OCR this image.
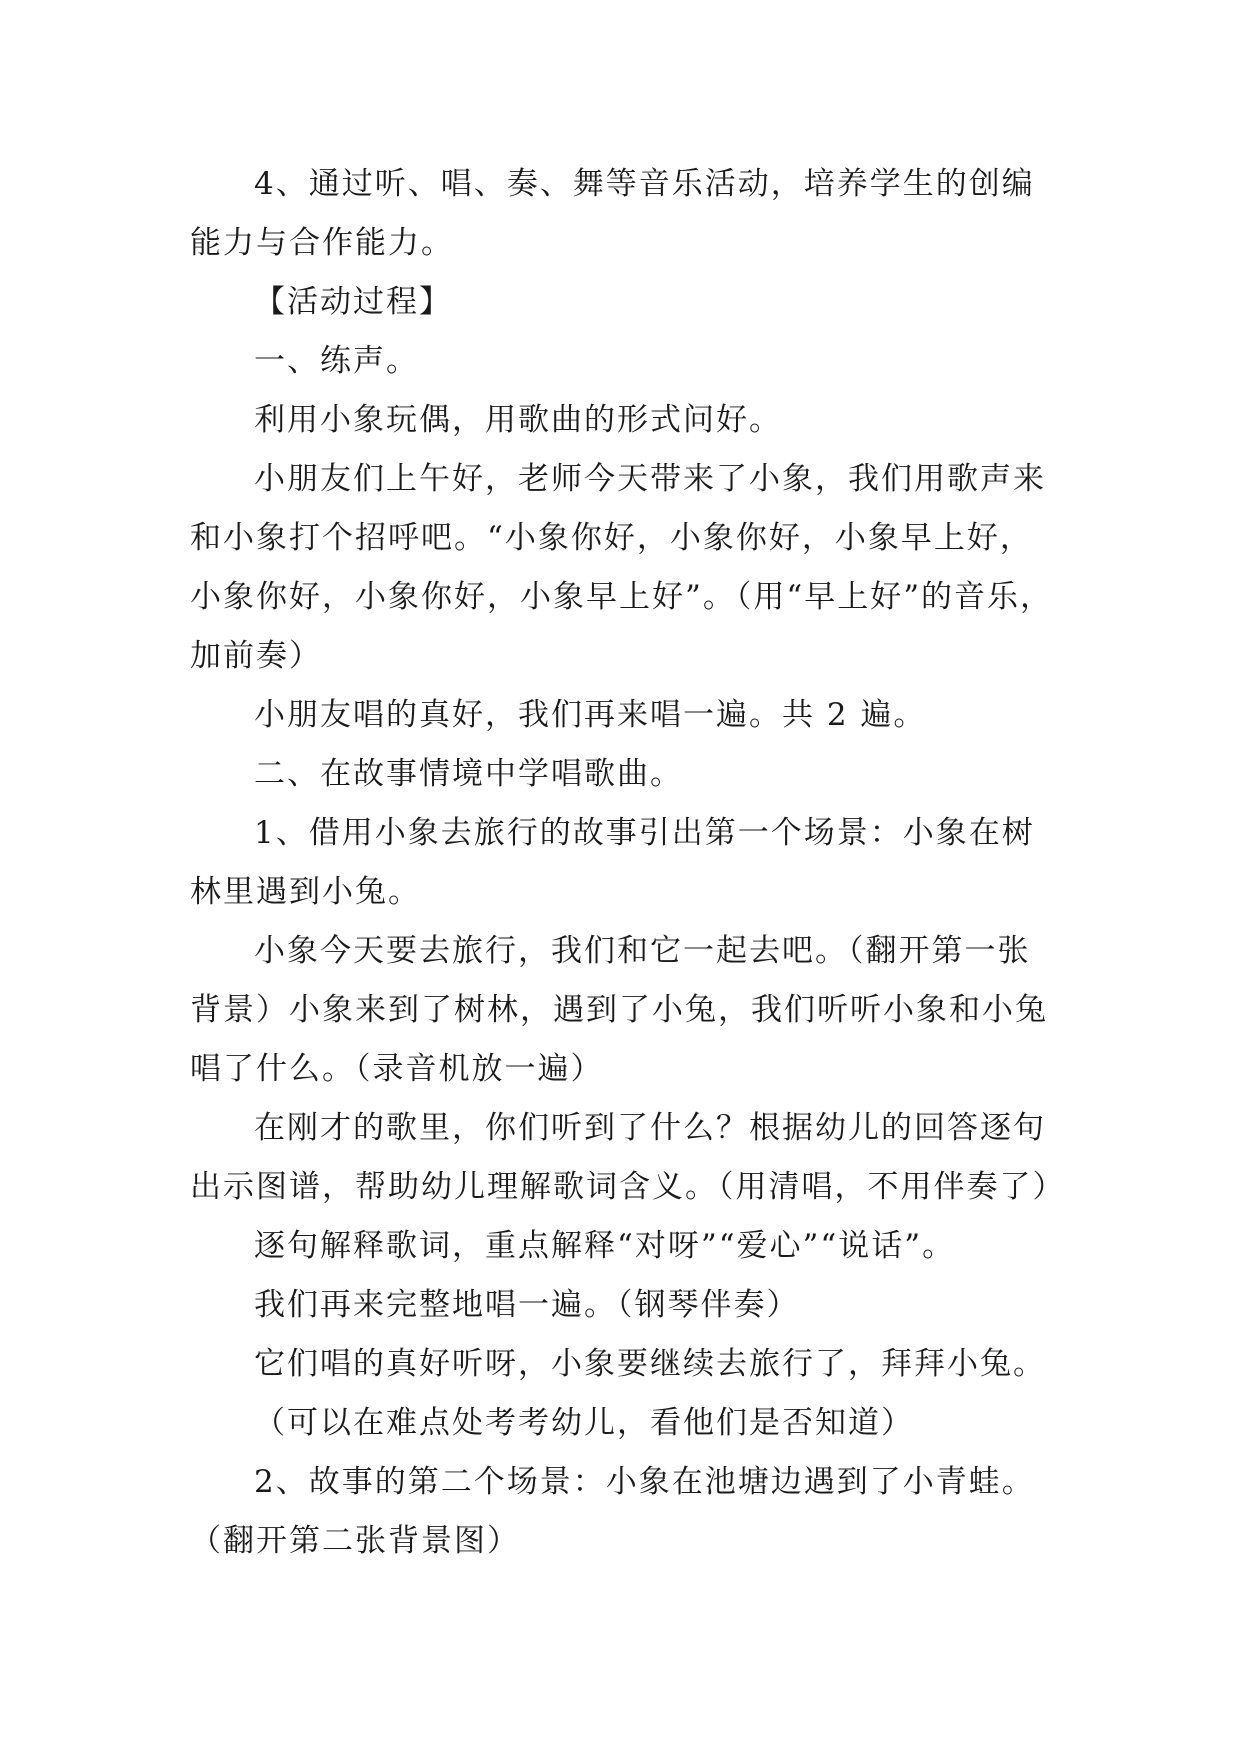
4、通过听、唱、奏、舞等音乐活动，培养学生的创编

能力与合作能力。

【活动过程】

一、练声。

利用小象玩偶，用歌曲的形式问好。

小朋友们上午好，老师今天带来了小象，我们用歌声来

和小象打个招呼吧。“小象你好，小象你好，小象早上好，

小象你好，小象你好，小象早上好”。（用“早上好”的音乐，

加前奏）

小朋友唱的真好，我们再来唱一遍。共 2 遍。

二、在故事情境中学唱歌曲。

1、借用小象去旅行的故事引出第一个场景：小象在树

林里遇到小兔。

小象今天要去旅行，我们和它一起去吧。（翻开第一张

背景）小象来到了树林，遇到了小兔，我们听听小象和小兔

唱了什么。（录音机放一遍）

在刚才的歌里，你们听到了什么？根据幼儿的回答逐句

出示图谱，帮助幼儿理解歌词含义。（用清唱，不用伴奏了）

逐句解释歌词，重点解释“对呀”“爱心”“说话”。

我们再来完整地唱一遍。（钢琴伴奏）

它们唱的真好听呀，小象要继续去旅行了，拜拜小兔。

（可以在难点处考考幼儿，看他们是否知道）

2、故事的第二个场景：小象在池塘边遇到了小青蛙。

（翻开第二张背景图）
